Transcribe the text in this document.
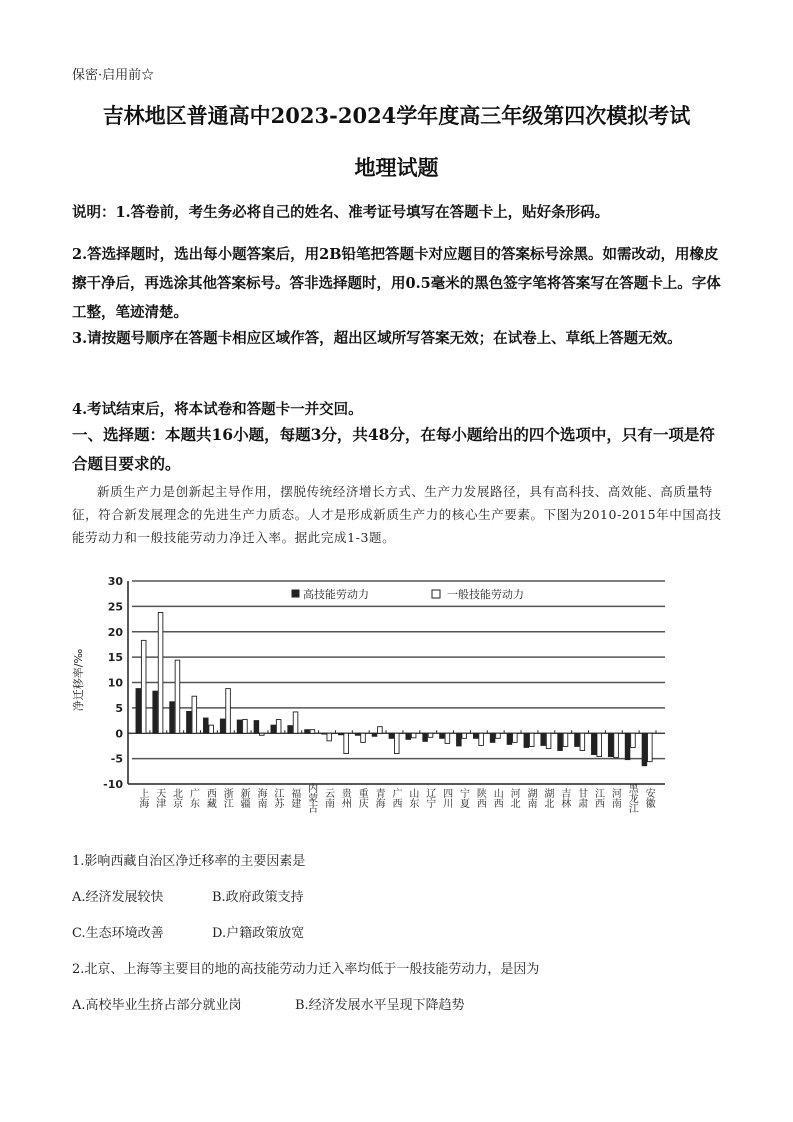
保密·启用前☆
吉林地区普通高中2023-2024学年度高三年级第四次模拟考试
地理试题
说明：1.答卷前，考生务必将自己的姓名、准考证号填写在答题卡上，贴好条形码。
2.答选择题时，选出每小题答案后，用2B铅笔把答题卡对应题目的答案标号涂黑。如需改动，用橡皮擦干净后，再选涂其他答案标号。答非选择题时，用0.5毫米的黑色签字笔将答案写在答题卡上。字体工整，笔迹清楚。
3.请按题号顺序在答题卡相应区域作答，超出区域所写答案无效；在试卷上、草纸上答题无效。
4.考试结束后，将本试卷和答题卡一并交回。
一、选择题：本题共16小题，每题3分，共48分，在每小题给出的四个选项中，只有一项是符合题目要求的。
新质生产力是创新起主导作用，摆脱传统经济增长方式、生产力发展路径，具有高科技、高效能、高质量特征，符合新发展理念的先进生产力质态。人才是形成新质生产力的核心生产要素。下图为2010-2015年中国高技能劳动力和一般技能劳动力净迁入率。据此完成1-3题。
-10
-5
0
5
10
15
20
25
30
上海 天津 北京 广东 西藏 浙江 新疆 海南 江苏 福建 内蒙古 云南 贵州 重庆 青海 广西 山东 辽宁 四川 宁夏 陕西 山西 河北 湖南 湖北 吉林 甘肃 江西 河南 黑龙江 安徽
高技能劳动力	一般技能劳动力
净迁移率/‰
1.影响西藏自治区净迁移率的主要因素是
A.经济发展较快	B.政府政策支持
C.生态环境改善	D.户籍政策放宽
2.北京、上海等主要目的地的高技能劳动力迁入率均低于一般技能劳动力，是因为
A.高校毕业生挤占部分就业岗	B.经济发展水平呈现下降趋势
